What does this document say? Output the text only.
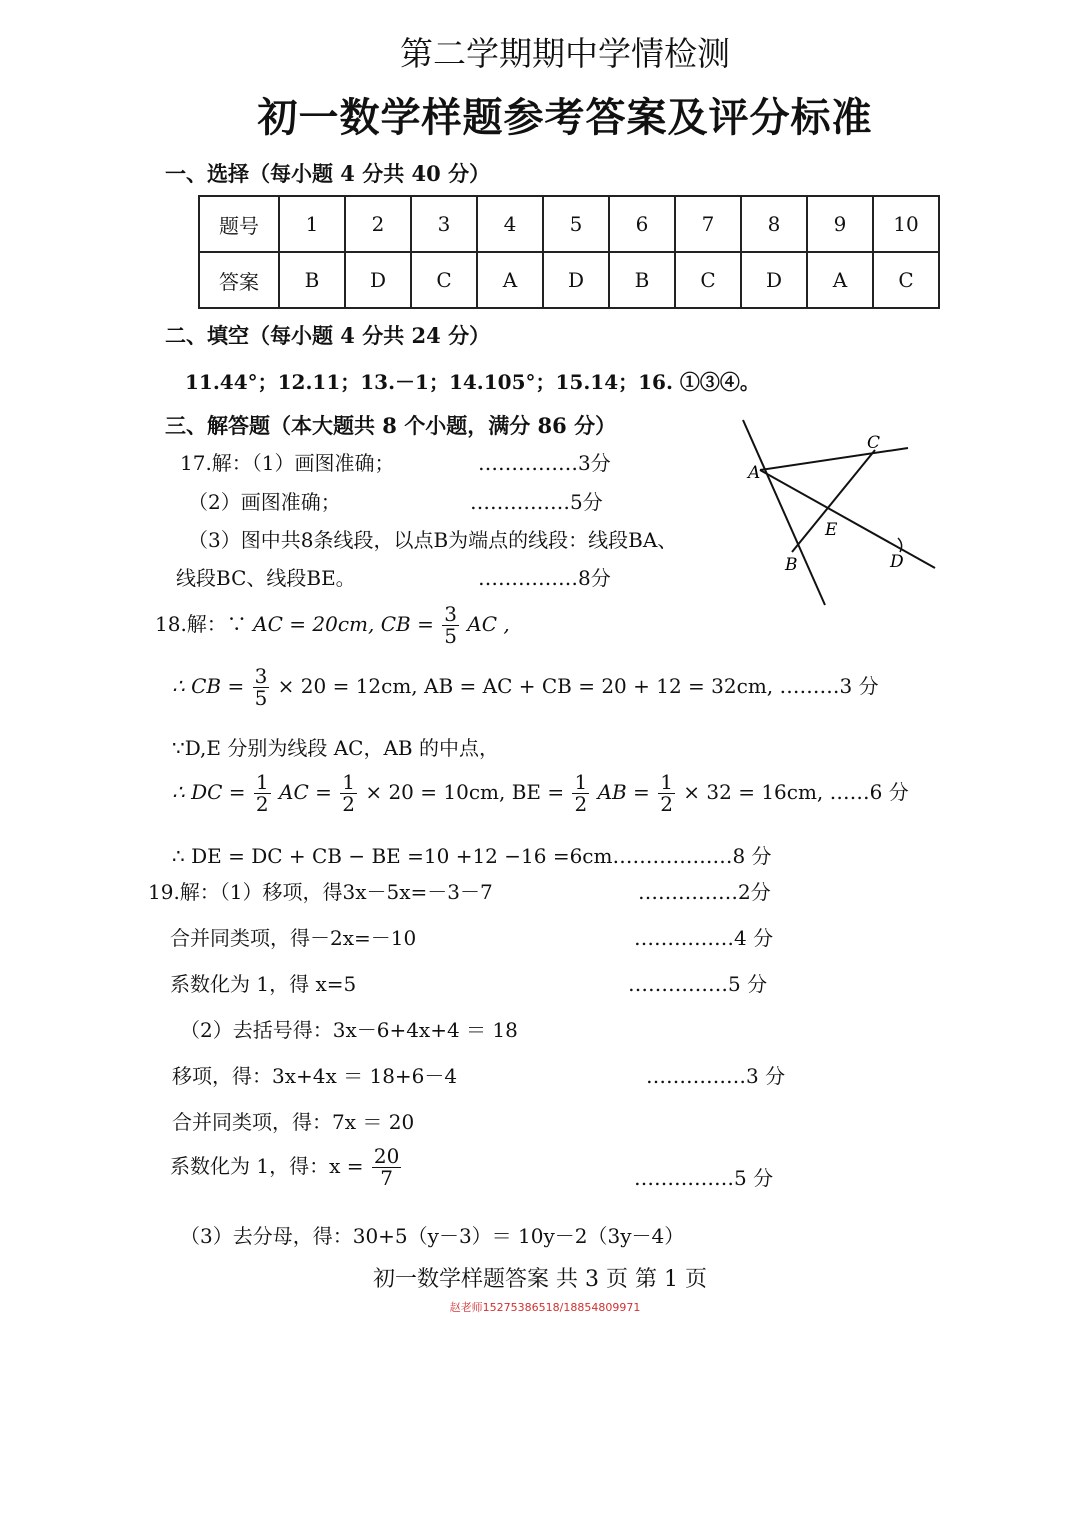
第二学期期中学情检测
初一数学样题参考答案及评分标准
一、选择（每小题 4 分共 40 分）
题号	1	2	3	4	5	6	7	8	9	10
答案	B	D	C	A	D	B	C	D	A	C
二、填空（每小题 4 分共 24 分）
11.44°；12.11；13.－1；14.105°；15.14；16. ①③④。
三、解答题（本大题共 8 个小题，满分 86 分）
17.解：（1）画图准确；	……………3分
（2）画图准确；	……………5分
（3）图中共8条线段，以点B为端点的线段：线段BA、
线段BC、线段BE。	……………8分
A
B
C
D
E
18.解：∵ AC = 20cm, CB = $\frac{3}{5}$ AC ,
∴ CB = $\frac{3}{5} \times 20 = 12cm$, AB = AC + CB = 20 + 12 = 32cm, ………3 分
∵D,E 分别为线段 AC，AB 的中点，
∴ DC = $\frac{1}{2}$ AC = $\frac{1}{2} \times 20 = 10cm$, BE = $\frac{1}{2}$ AB = $\frac{1}{2} \times 32 = 16cm$, ……6 分
∴ DE = DC + CB − BE =10 +12 −16 =6cm………………8 分
19.解：（1）移项，得3x－5x=－3－7	……………2分
合并同类项，得－2x=－10	……………4 分
系数化为 1，得 x=5	……………5 分
（2）去括号得：3x－6+4x+4 ＝ 18
移项，得：3x+4x ＝ 18+6－4	……………3 分
合并同类项，得：7x ＝ 20
系数化为 1，得：$x = \frac{20}{7}$	……………5 分
（3）去分母，得：30+5（y－3）＝ 10y－2（3y－4）
初一数学样题答案 共 3 页 第 1 页
赵老师15275386518/18854809971
